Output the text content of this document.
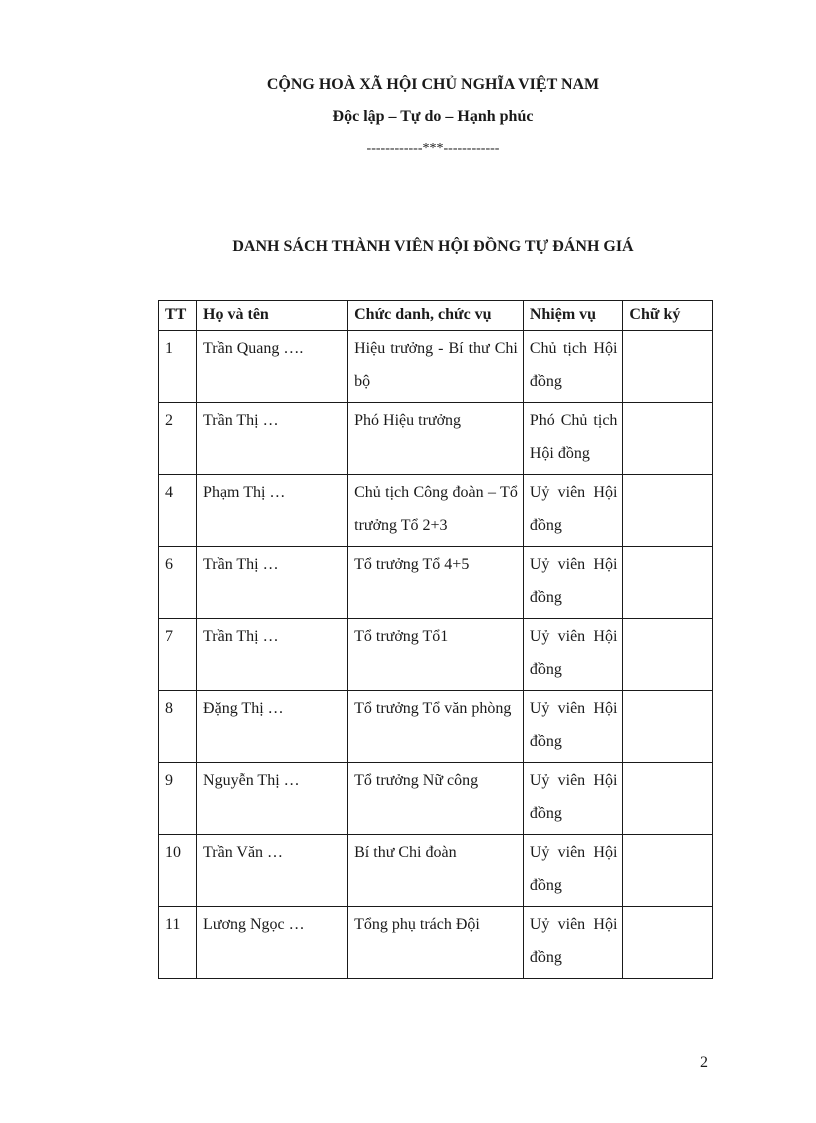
CỘNG HOÀ XÃ HỘI CHỦ NGHĨA VIỆT NAM

Độc lập – Tự do – Hạnh phúc

------------***------------

DANH SÁCH THÀNH VIÊN HỘI ĐỒNG TỰ ĐÁNH GIÁ
TT	Họ và tên	Chức danh, chức vụ	Nhiệm vụ	Chữ ký
1	Trần Quang ….	Hiệu trưởng - Bí thư Chi bộ	Chủ tịch Hội đồng	
2	Trần Thị …	Phó Hiệu trưởng	Phó Chủ tịch Hội đồng	
4	Phạm Thị …	Chủ tịch Công đoàn – Tổ trưởng Tổ 2+3	Uỷ viên Hội đồng	
6	Trần Thị …	Tổ trưởng Tổ 4+5	Uỷ viên Hội đồng	
7	Trần Thị …	Tổ trưởng Tổ1	Uỷ viên Hội đồng	
8	Đặng Thị …	Tổ trưởng Tổ văn phòng	Uỷ viên Hội đồng	
9	Nguyễn Thị …	Tổ trưởng Nữ công	Uỷ viên Hội đồng	
10	Trần Văn …	Bí thư Chi đoàn	Uỷ viên Hội đồng	
11	Lương Ngọc …	Tổng phụ trách Đội	Uỷ viên Hội đồng	
2
